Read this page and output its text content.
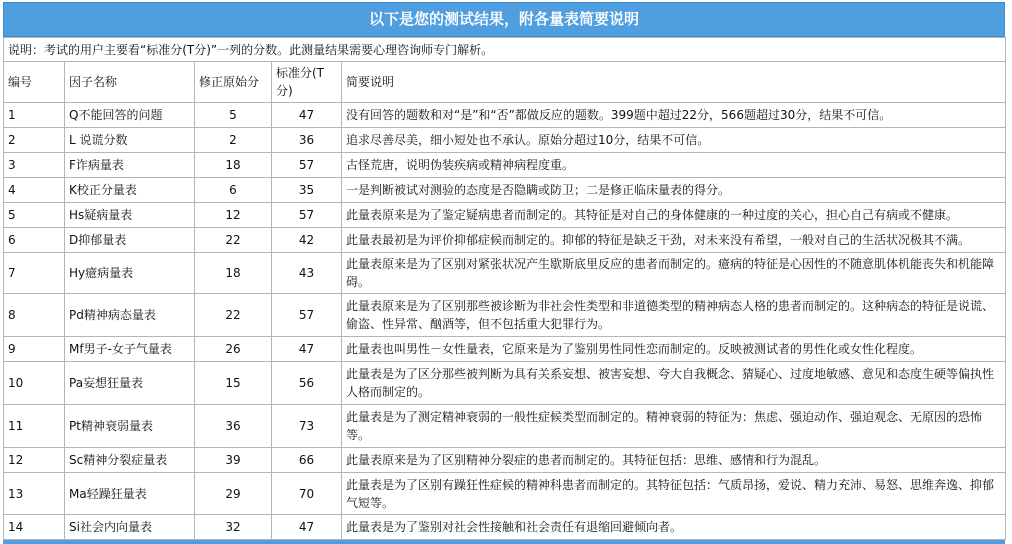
以下是您的测试结果，附各量表简要说明
说明：考试的用户主要看“标准分(T分)”一列的分数。此测量结果需要心理咨询师专门解析。				
编号	因子名称	修正原始分	标准分(T分)	简要说明
1	Q不能回答的问题	5	47	没有回答的题数和对“是”和“否”都做反应的题数。399题中超过22分，566题超过30分，结果不可信。
2	L 说谎分数	2	36	追求尽善尽美，细小短处也不承认。原始分超过10分，结果不可信。
3	F诈病量表	18	57	古怪荒唐，说明伪装疾病或精神病程度重。
4	K校正分量表	6	35	一是判断被试对测验的态度是否隐瞒或防卫；二是修正临床量表的得分。
5	Hs疑病量表	12	57	此量表原来是为了鉴定疑病患者而制定的。其特征是对自己的身体健康的一种过度的关心，担心自己有病或不健康。
6	D抑郁量表	22	42	此量表最初是为评价抑郁症候而制定的。抑郁的特征是缺乏干劲，对未来没有希望，一般对自己的生活状况极其不满。
7	Hy癔病量表	18	43	此量表原来是为了区别对紧张状况产生歇斯底里反应的患者而制定的。癔病的特征是心因性的不随意肌体机能丧失和机能障碍。
8	Pd精神病态量表	22	57	此量表原来是为了区别那些被诊断为非社会性类型和非道德类型的精神病态人格的患者而制定的。这种病态的特征是说谎、偷盗、性异常、酗酒等，但不包括重大犯罪行为。
9	Mf男子-女子气量表	26	47	此量表也叫男性－女性量表，它原来是为了鉴别男性同性恋而制定的。反映被测试者的男性化或女性化程度。
10	Pa妄想狂量表	15	56	此量表是为了区分那些被判断为具有关系妄想、被害妄想、夸大自我概念、猜疑心、过度地敏感、意见和态度生硬等偏执性人格而制定的。
11	Pt精神衰弱量表	36	73	此量表是为了测定精神衰弱的一般性症候类型而制定的。精神衰弱的特征为：焦虑、强迫动作、强迫观念、无原因的恐怖等。
12	Sc精神分裂症量表	39	66	此量表原来是为了区别精神分裂症的患者而制定的。其特征包括：思维、感情和行为混乱。
13	Ma轻躁狂量表	29	70	此量表是为了区别有躁狂性症候的精神科患者而制定的。其特征包括：气质昂扬，爱说、精力充沛、易怒、思维奔逸、抑郁气短等。
14	Si社会内向量表	32	47	此量表是为了鉴别对社会性接触和社会责任有退缩回避倾向者。
